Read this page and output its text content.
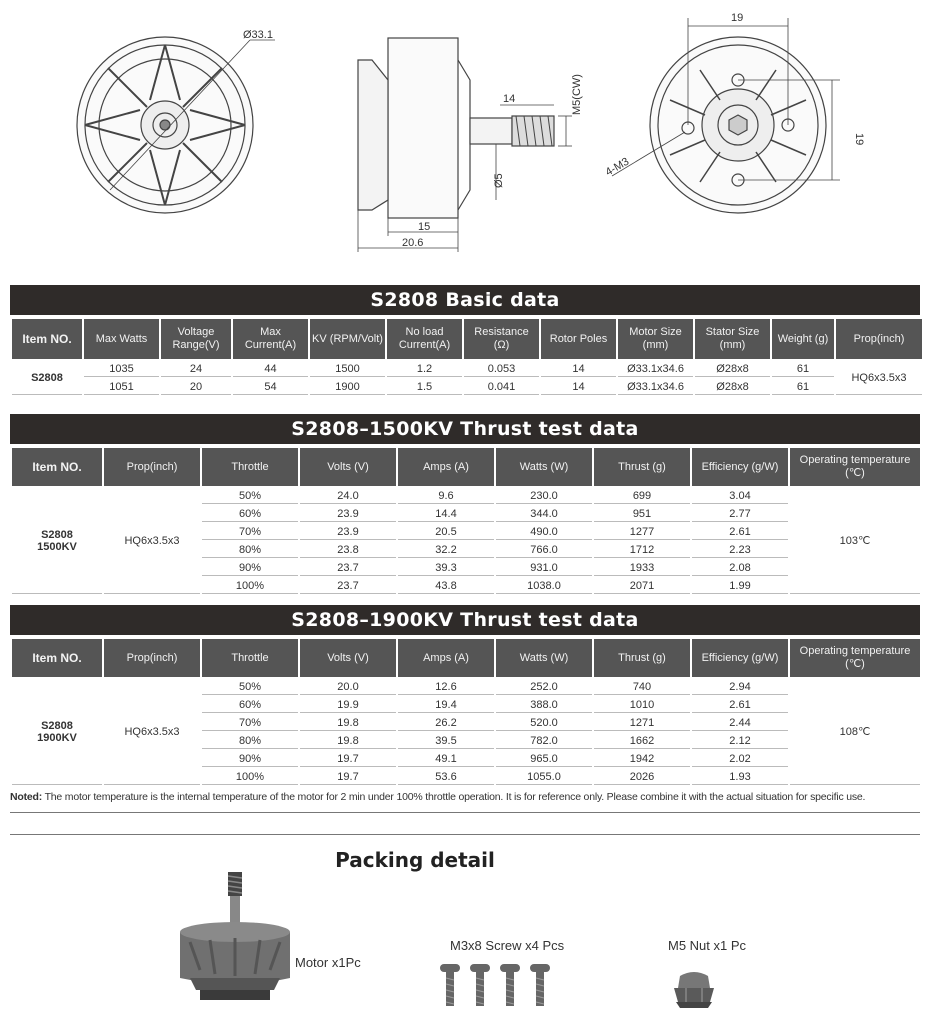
Ø33.1
14	M5(CW)
Ø5
15
20.6
19
19
4-M3
S2808 Basic data
Item NO.	Max Watts	Voltage Range(V)	Max Current(A)	KV (RPM/Volt)	No load Current(A)	Resistance (Ω)	Rotor Poles	Motor Size (mm)	Stator Size (mm)	Weight (g)	Prop(inch)
S2808	1035	24	44	1500	1.2	0.053	14	Ø33.1x34.6	Ø28x8	61	HQ6x3.5x3
	1051	20	54	1900	1.5	0.041	14	Ø33.1x34.6	Ø28x8	61	
S2808–1500KV Thrust test data
Item NO.	Prop(inch)	Throttle	Volts (V)	Amps (A)	Watts (W)	Thrust (g)	Efficiency (g/W)	Operating temperature (℃)
S2808
1500KV	HQ6x3.5x3	50%	24.0	9.6	230.0	699	3.04	103℃
		60%	23.9	14.4	344.0	951	2.77	
		70%	23.9	20.5	490.0	1277	2.61	
		80%	23.8	32.2	766.0	1712	2.23	
		90%	23.7	39.3	931.0	1933	2.08	
		100%	23.7	43.8	1038.0	2071	1.99	
S2808–1900KV Thrust test data
Item NO.	Prop(inch)	Throttle	Volts (V)	Amps (A)	Watts (W)	Thrust (g)	Efficiency (g/W)	Operating temperature (℃)
S2808
1900KV	HQ6x3.5x3	50%	20.0	12.6	252.0	740	2.94	108℃
		60%	19.9	19.4	388.0	1010	2.61	
		70%	19.8	26.2	520.0	1271	2.44	
		80%	19.8	39.5	782.0	1662	2.12	
		90%	19.7	49.1	965.0	1942	2.02	
		100%	19.7	53.6	1055.0	2026	1.93	
Noted: The motor temperature is the internal temperature of the motor for 2 min under 100% throttle operation. It is for reference only. Please combine it with the actual situation for specific use.
Packing detail
Motor x1Pc
M3x8 Screw x4 Pcs	M5 Nut x1 Pc
